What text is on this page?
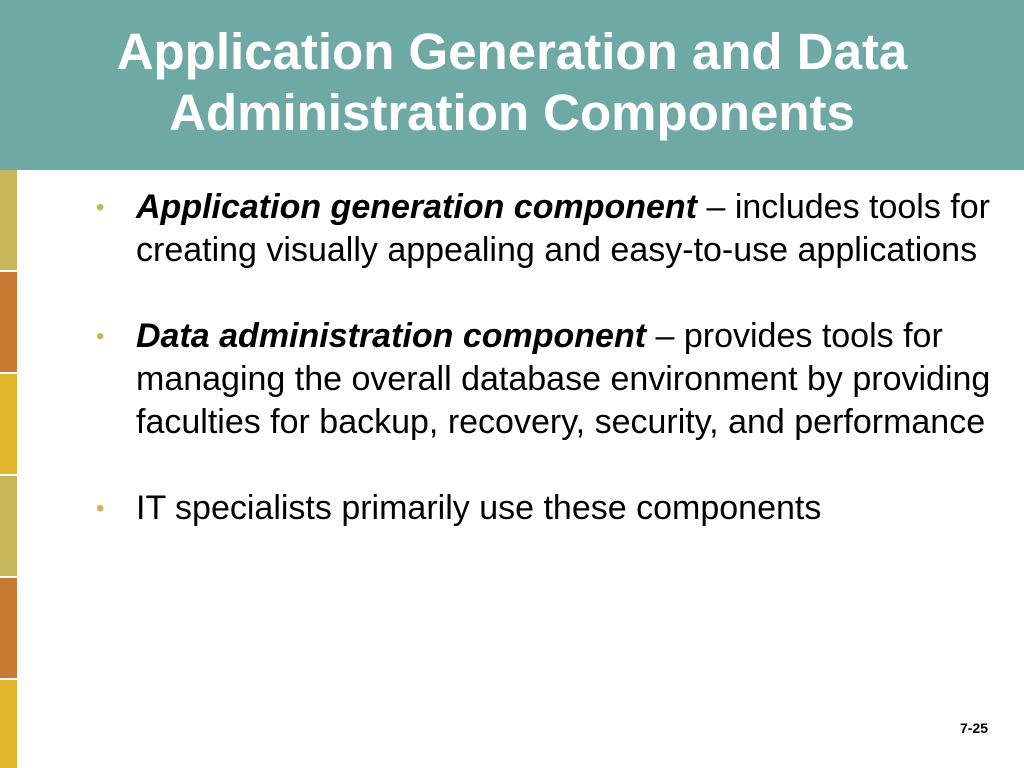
Application Generation and Data
Administration Components
• Application generation component – includes tools for creating visually appealing and easy-to-use applications
• Data administration component – provides tools for managing the overall database environment by providing faculties for backup, recovery, security, and performance
• IT specialists primarily use these components
7-25
